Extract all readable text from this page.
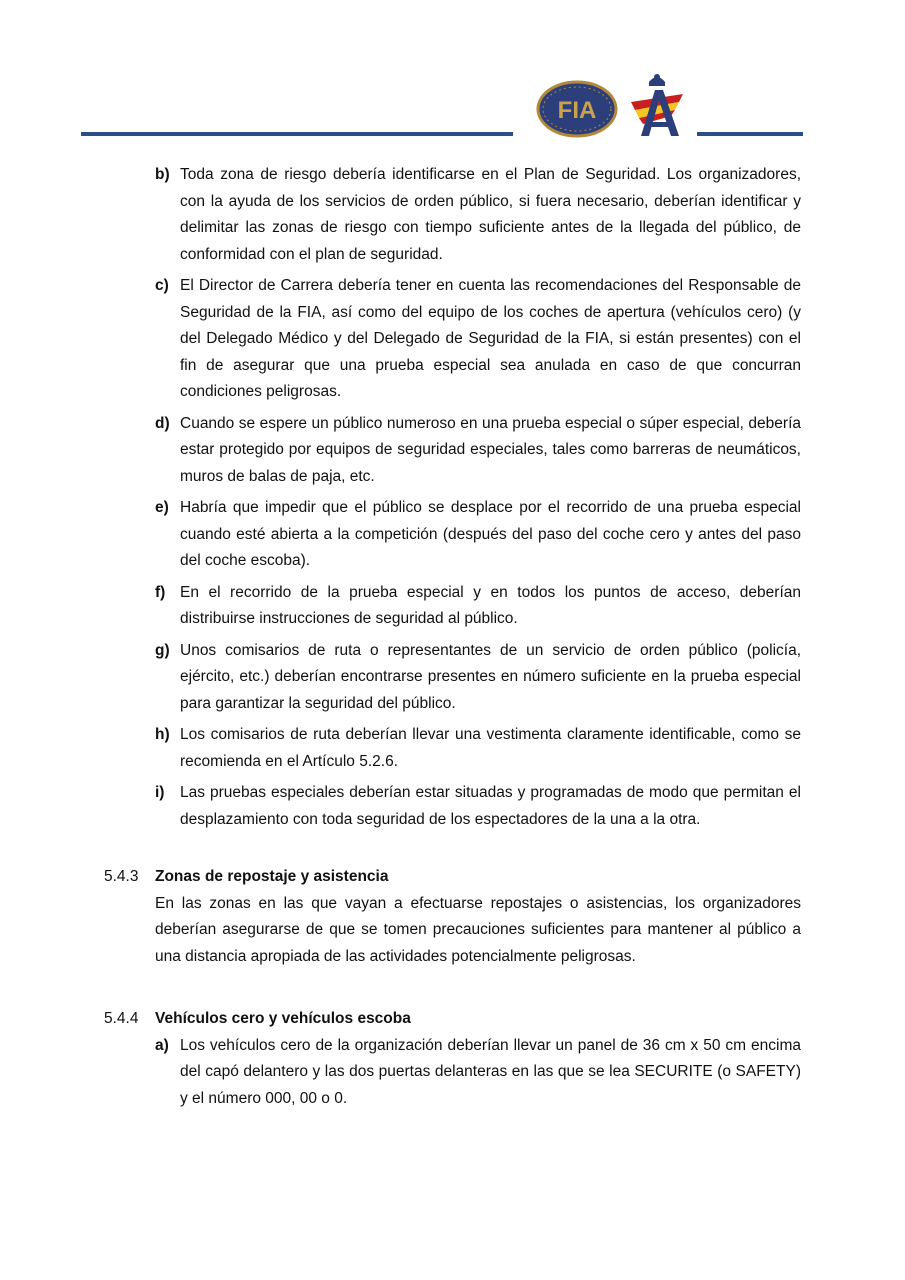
FIA
b) Toda zona de riesgo debería identificarse en el Plan de Seguridad. Los organizadores, con la ayuda de los servicios de orden público, si fuera necesario, deberían identificar y delimitar las zonas de riesgo con tiempo suficiente antes de la llegada del público, de conformidad con el plan de seguridad.
c) El Director de Carrera debería tener en cuenta las recomendaciones del Responsable de Seguridad de la FIA, así como del equipo de los coches de apertura (vehículos cero) (y del Delegado Médico y del Delegado de Seguridad de la FIA, si están presentes) con el fin de asegurar que una prueba especial sea anulada en caso de que concurran condiciones peligrosas.
d) Cuando se espere un público numeroso en una prueba especial o súper especial, debería estar protegido por equipos de seguridad especiales, tales como barreras de neumáticos, muros de balas de paja, etc.
e) Habría que impedir que el público se desplace por el recorrido de una prueba especial cuando esté abierta a la competición (después del paso del coche cero y antes del paso del coche escoba).
f) En el recorrido de la prueba especial y en todos los puntos de acceso, deberían distribuirse instrucciones de seguridad al público.
g) Unos comisarios de ruta o representantes de un servicio de orden público (policía, ejército, etc.) deberían encontrarse presentes en número suficiente en la prueba especial para garantizar la seguridad del público.
h) Los comisarios de ruta deberían llevar una vestimenta claramente identificable, como se recomienda en el Artículo 5.2.6.
i)	Las pruebas especiales deberían estar situadas y programadas de modo que permitan el desplazamiento con toda seguridad de los espectadores de la una a la otra.
5.4.3	Zonas de repostaje y asistencia
En las zonas en las que vayan a efectuarse repostajes o asistencias, los organizadores deberían asegurarse de que se tomen precauciones suficientes para mantener al público a una distancia apropiada de las actividades potencialmente peligrosas.
5.4.4	Vehículos cero y vehículos escoba
a) Los vehículos cero de la organización deberían llevar un panel de 36 cm x 50 cm encima del capó delantero y las dos puertas delanteras en las que se lea SECURITE (o SAFETY) y el número 000, 00 o 0.
